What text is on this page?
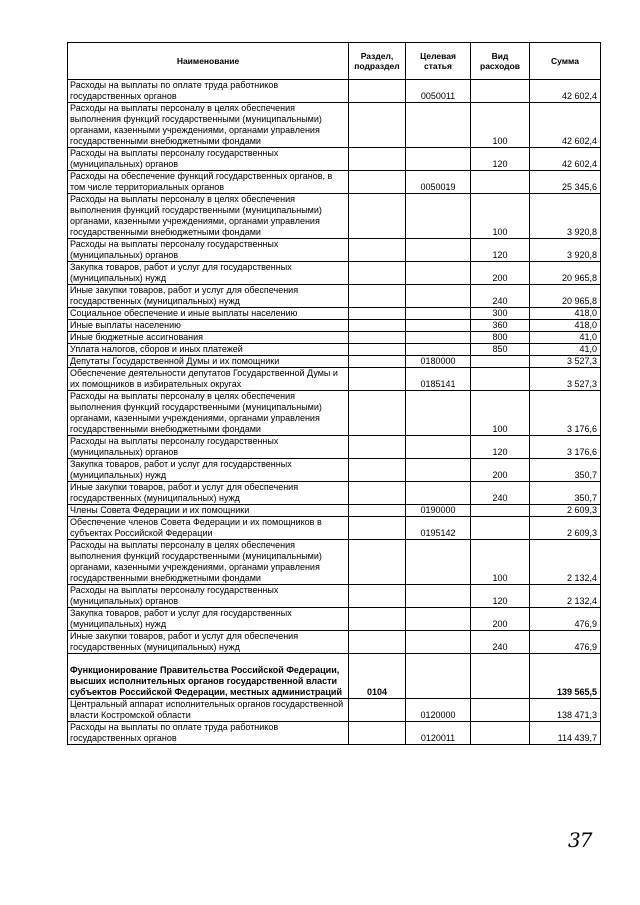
Наименование	Раздел, подраздел	Целевая статья	Вид расходов	Сумма
Расходы на выплаты по оплате труда работников государственных органов		0050011		42 602,4
Расходы на выплаты персоналу в целях обеспечения выполнения функций государственными (муниципальными) органами, казенными учреждениями, органами управления государственными внебюджетными фондами			100	42 602,4
Расходы на выплаты персоналу государственных (муниципальных) органов			120	42 602,4
Расходы на обеспечение функций государственных органов, в том числе территориальных органов		0050019		25 345,6
Расходы на выплаты персоналу в целях обеспечения выполнения функций государственными (муниципальными) органами, казенными учреждениями, органами управления государственными внебюджетными фондами			100	3 920,8
Расходы на выплаты персоналу государственных (муниципальных) органов			120	3 920,8
Закупка товаров, работ и услуг для государственных (муниципальных) нужд			200	20 965,8
Иные закупки товаров, работ и услуг для обеспечения государственных (муниципальных) нужд			240	20 965,8
Социальное обеспечение и иные выплаты населению			300	418,0
Иные выплаты населению			360	418,0
Иные бюджетные ассигнования			800	41,0
Уплата налогов, сборов и иных платежей			850	41,0
Депутаты Государственной Думы и их помощники		0180000		3 527,3
Обеспечение деятельности депутатов Государственной Думы и их помощников в избирательных округах		0185141		3 527,3
Расходы на выплаты персоналу в целях обеспечения выполнения функций государственными (муниципальными) органами, казенными учреждениями, органами управления государственными внебюджетными фондами			100	3 176,6
Расходы на выплаты персоналу государственных (муниципальных) органов			120	3 176,6
Закупка товаров, работ и услуг для государственных (муниципальных) нужд			200	350,7
Иные закупки товаров, работ и услуг для обеспечения государственных (муниципальных) нужд			240	350,7
Члены Совета Федерации и их помощники		0190000		2 609,3
Обеспечение членов Совета Федерации и их помощников в субъектах Российской Федерации		0195142		2 609,3
Расходы на выплаты персоналу в целях обеспечения выполнения функций государственными (муниципальными) органами, казенными учреждениями, органами управления государственными внебюджетными фондами			100	2 132,4
Расходы на выплаты персоналу государственных (муниципальных) органов			120	2 132,4
Закупка товаров, работ и услуг для государственных (муниципальных) нужд			200	476,9
Иные закупки товаров, работ и услуг для обеспечения государственных (муниципальных) нужд			240	476,9
Функционирование Правительства Российской Федерации, высших исполнительных органов государственной власти субъектов Российской Федерации, местных администраций	0104			139 565,5
Центральный аппарат исполнительных органов государственной власти Костромской области		0120000		138 471,3
Расходы на выплаты по оплате труда работников государственных органов		0120011		114 439,7
37
